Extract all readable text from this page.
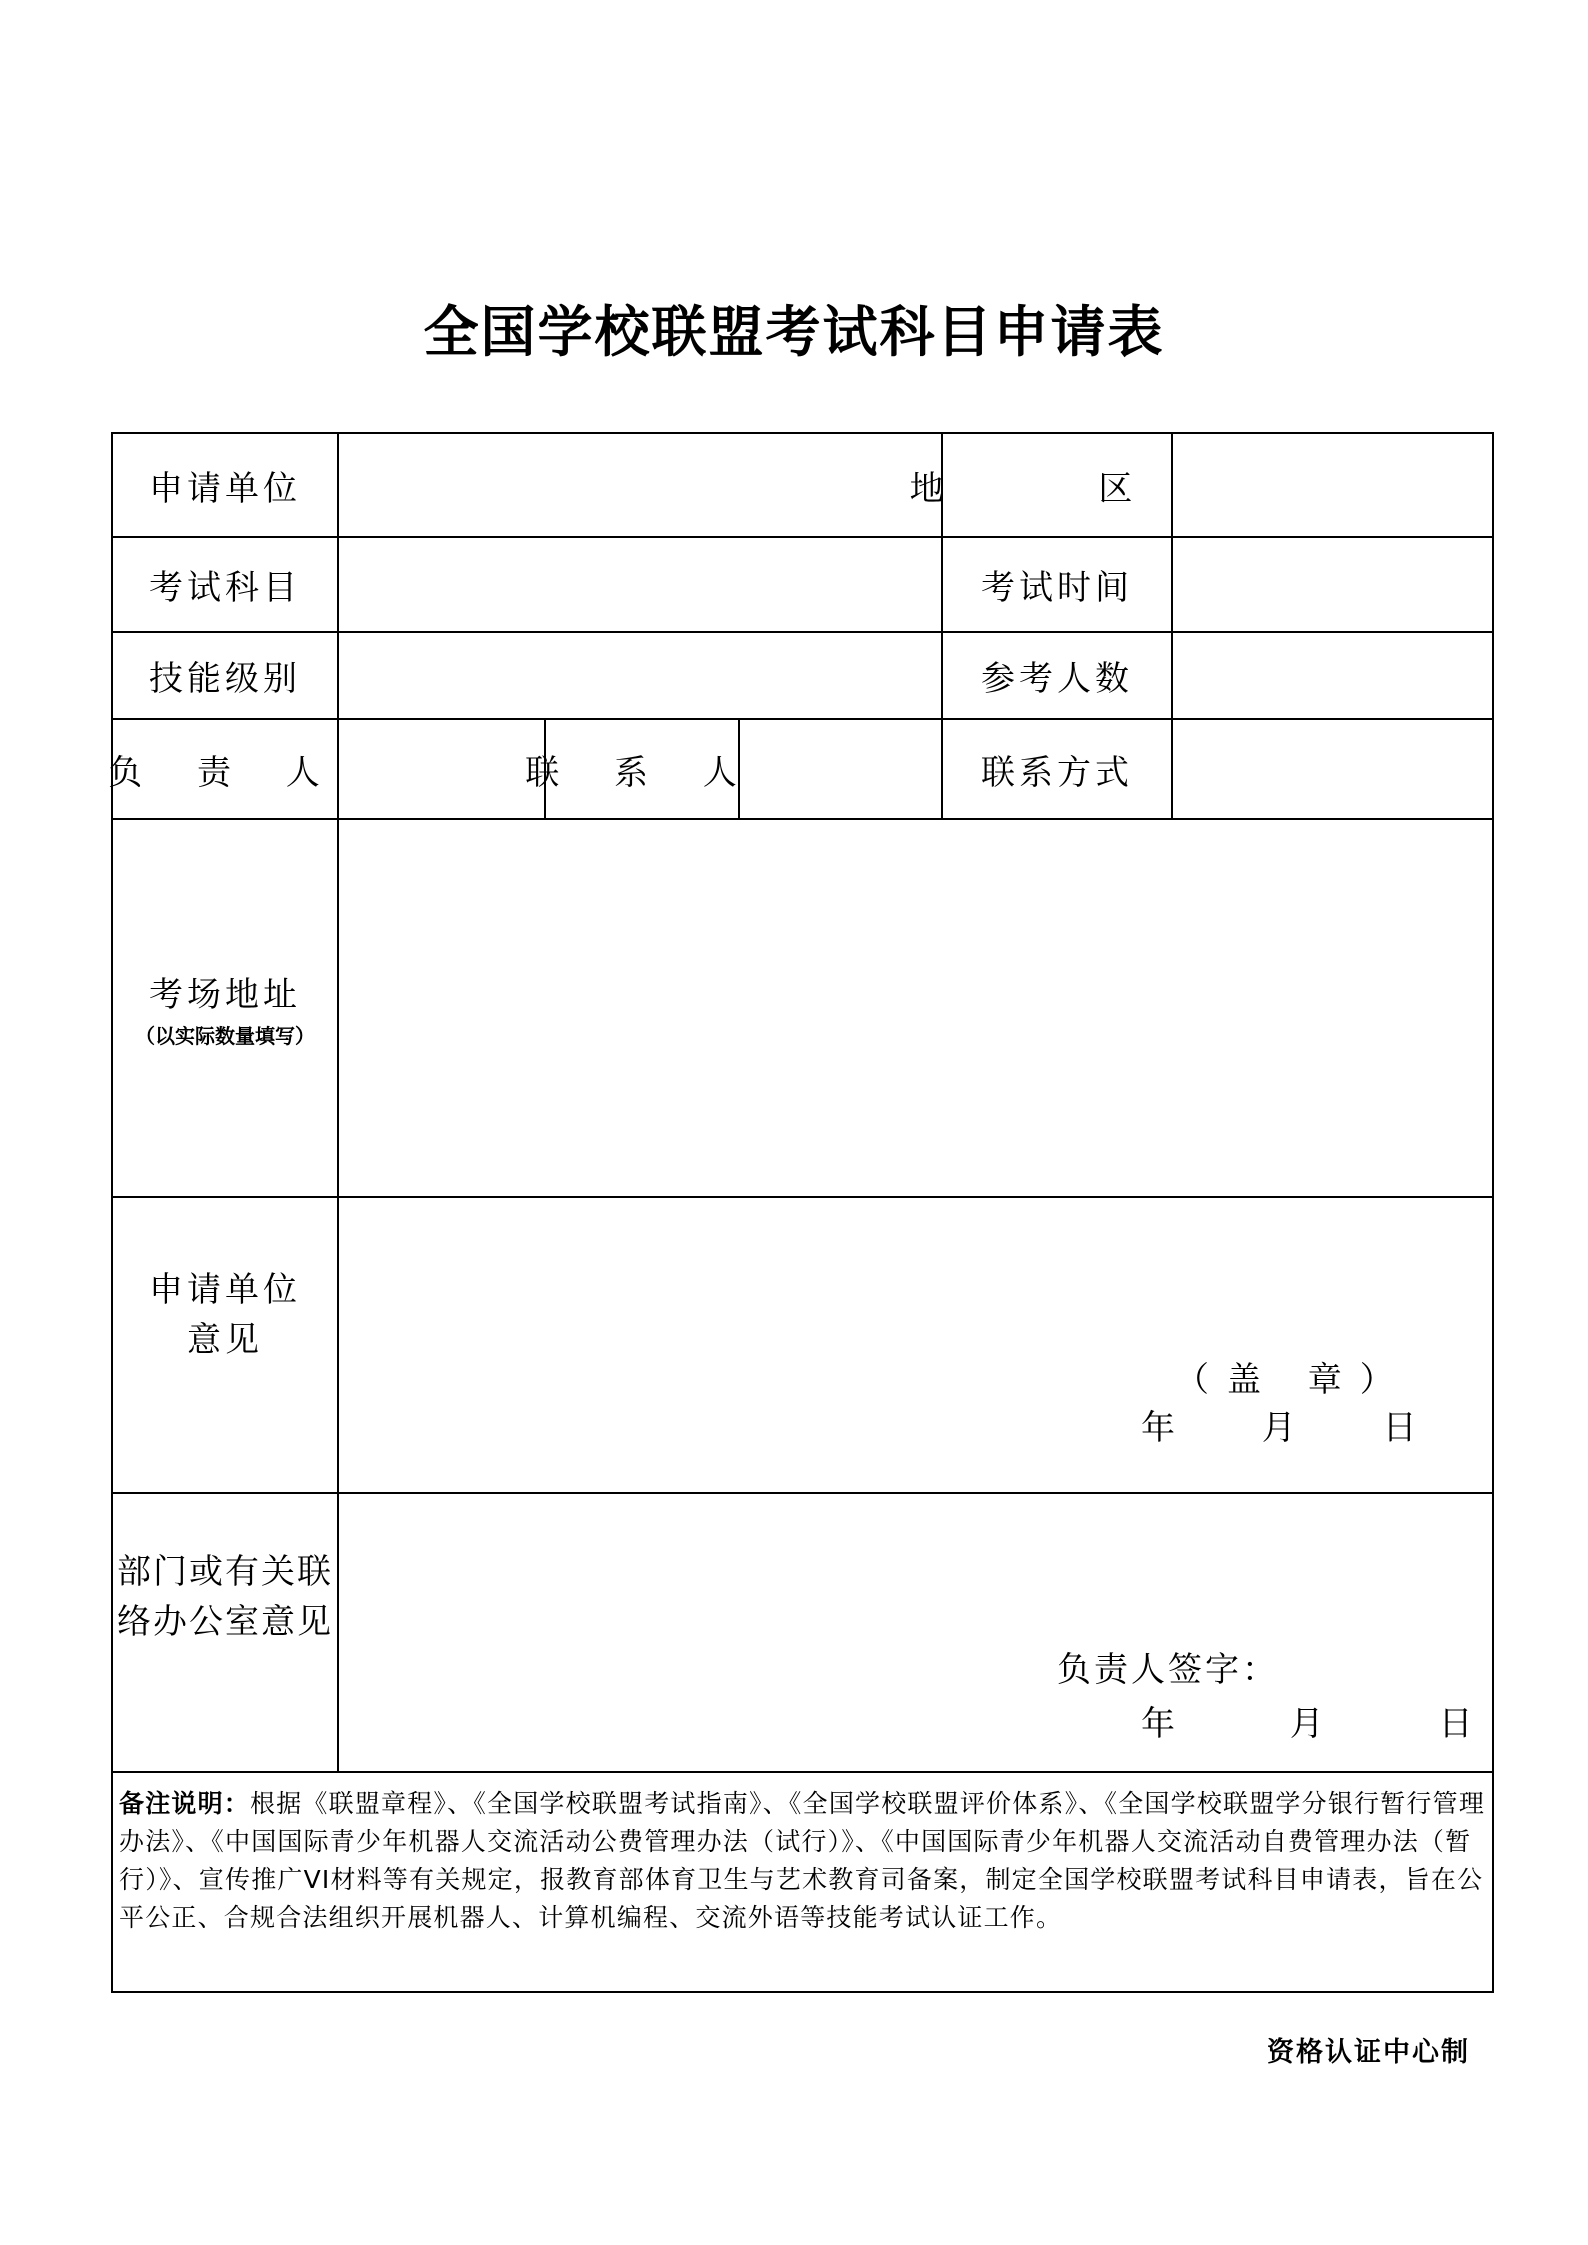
全国学校联盟考试科目申请表
申请单位	地 区
考试科目	考试时间
技能级别	参考人数
负 责 人	联 系 人	联系方式
考场地址
（以实际数量填写）
申请单位
意见
（盖 章）
年 月 日
部门或有关联
络办公室意见
负责人签字：
年 月 日
备注说明：根据《联盟章程》、《全国学校联盟考试指南》、《全国学校联盟评价体系》、《全国学校联盟学分银行暂行管理办法》、《中国国际青少年机器人交流活动公费管理办法（试行）》、《中国国际青少年机器人交流活动自费管理办法（暂行）》、宣传推广VI材料等有关规定，报教育部体育卫生与艺术教育司备案，制定全国学校联盟考试科目申请表，旨在公平公正、合规合法组织开展机器人、计算机编程、交流外语等技能考试认证工作。
资格认证中心制
